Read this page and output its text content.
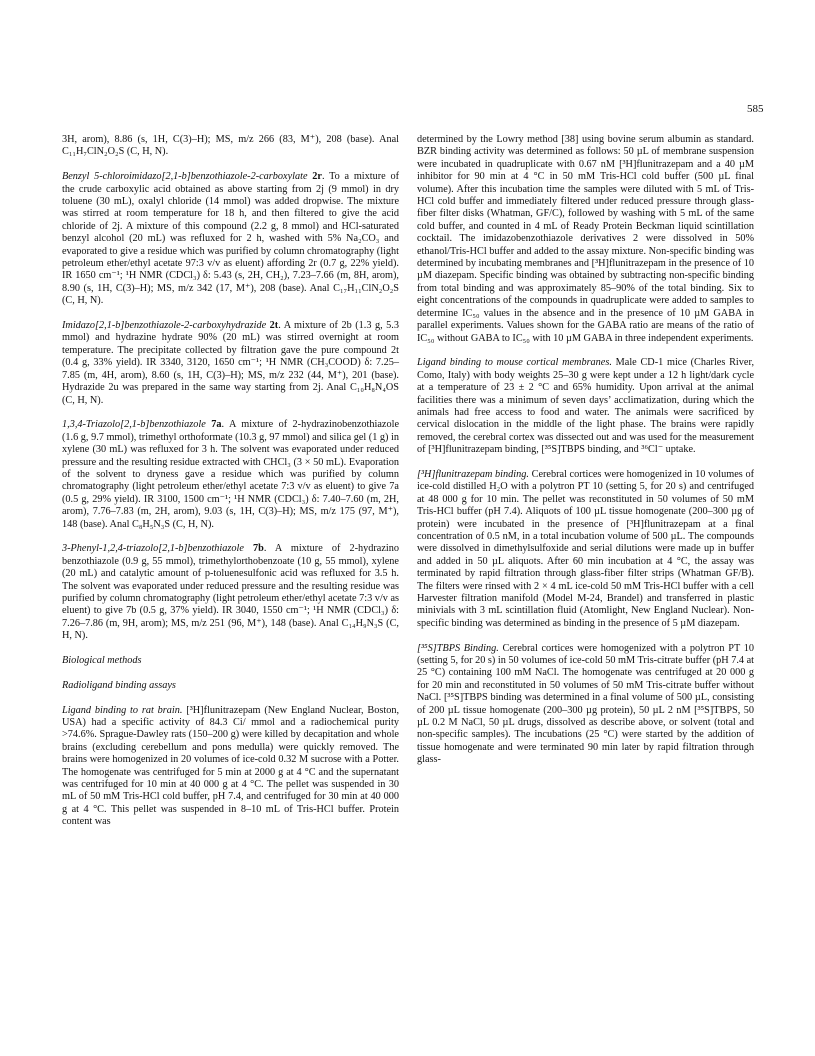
585

3H, arom), 8.86 (s, 1H, C(3)–H); MS, m/z 266 (83, M⁺), 208 (base). Anal C₁₁H₇ClN₂O₂S (C, H, N).

Benzyl 5-chloroimidazo[2,1-b]benzothiazole-2-carboxylate 2r. To a mixture of the crude carboxylic acid obtained as above starting from 2j (9 mmol) in dry toluene (30 mL), oxalyl chloride (14 mmol) was added dropwise. The mixture was stirred at room temperature for 18 h, and then filtered to give the acid chloride of 2j. A mixture of this compound (2.2 g, 8 mmol) and HCl-saturated benzyl alcohol (20 mL) was refluxed for 2 h, washed with 5% Na₂CO₃ and evaporated to give a residue which was purified by column chromatography (light petroleum ether/ethyl acetate 97:3 v/v as eluent) affording 2r (0.7 g, 22% yield). IR 1650 cm⁻¹; ¹H NMR (CDCl₃) δ: 5.43 (s, 2H, CH₂), 7.23–7.66 (m, 8H, arom), 8.90 (s, 1H, C(3)–H); MS, m/z 342 (17, M⁺), 208 (base). Anal C₁₇H₁₁ClN₂O₂S (C, H, N).

Imidazo[2,1-b]benzothiazole-2-carboxyhydrazide 2t. A mixture of 2b (1.3 g, 5.3 mmol) and hydrazine hydrate 90% (20 mL) was stirred overnight at room temperature. The precipitate collected by filtration gave the pure compound 2t (0.4 g, 33% yield). IR 3340, 3120, 1650 cm⁻¹; ¹H NMR (CH₃COOD) δ: 7.25–7.85 (m, 4H, arom), 8.60 (s, 1H, C(3)–H); MS, m/z 232 (44, M⁺), 201 (base). Hydrazide 2u was prepared in the same way starting from 2j. Anal C₁₀H₈N₄OS (C, H, N).

1,3,4-Triazolo[2,1-b]benzothiazole 7a. A mixture of 2-hydrazinobenzothiazole (1.6 g, 9.7 mmol), trimethyl orthoformate (10.3 g, 97 mmol) and silica gel (1 g) in xylene (30 mL) was refluxed for 3 h. The solvent was evaporated under reduced pressure and the resulting residue extracted with CHCl₃ (3 × 50 mL). Evaporation of the solvent to dryness gave a residue which was purified by column chromatography (light petroleum ether/ethyl acetate 7:3 v/v as eluent) to give 7a (0.5 g, 29% yield). IR 3100, 1500 cm⁻¹; ¹H NMR (CDCl₃) δ: 7.40–7.60 (m, 2H, arom), 7.76–7.83 (m, 2H, arom), 9.03 (s, 1H, C(3)–H); MS, m/z 175 (97, M⁺), 148 (base). Anal C₈H₅N₃S (C, H, N).

3-Phenyl-1,2,4-triazolo[2,1-b]benzothiazole 7b. A mixture of 2-hydrazino benzothiazole (0.9 g, 55 mmol), trimethylorthobenzoate (10 g, 55 mmol), xylene (20 mL) and catalytic amount of p-toluenesulfonic acid was refluxed for 3.5 h. The solvent was evaporated under reduced pressure and the resulting residue was purified by column chromatography (light petroleum ether/ethyl acetate 7:3 v/v as eluent) to give 7b (0.5 g, 37% yield). IR 3040, 1550 cm⁻¹; ¹H NMR (CDCl₃) δ: 7.26–7.86 (m, 9H, arom); MS, m/z 251 (96, M⁺), 148 (base). Anal C₁₄H₉N₃S (C, H, N).

Biological methods

Radioligand binding assays

Ligand binding to rat brain. [³H]flunitrazepam (New England Nuclear, Boston, USA) had a specific activity of 84.3 Ci/ mmol and a radiochemical purity >74.6%. Sprague-Dawley rats (150–200 g) were killed by decapitation and whole brains (excluding cerebellum and pons medulla) were quickly removed. The brains were homogenized in 20 volumes of ice-cold 0.32 M sucrose with a Potter. The homogenate was centrifuged for 5 min at 2000 g at 4 °C and the supernatant was centrifuged for 10 min at 40 000 g at 4 °C. The pellet was suspended in 30 mL of 50 mM Tris-HCl cold buffer, pH 7.4, and centrifuged for 30 min at 40 000 g at 4 °C. This pellet was suspended in 8–10 mL of Tris-HCl buffer. Protein content was

determined by the Lowry method [38] using bovine serum albumin as standard. BZR binding activity was determined as follows: 50 µL of membrane suspension were incubated in quadruplicate with 0.67 nM [³H]flunitrazepam and a 40 µM inhibitor for 90 min at 4 °C in 50 mM Tris-HCl cold buffer (500 µL final volume). After this incubation time the samples were diluted with 5 mL of Tris-HCl cold buffer and immediately filtered under reduced pressure through glass-fiber filter disks (Whatman, GF/C), followed by washing with 5 mL of the same cold buffer, and counted in 4 mL of Ready Protein Beckman liquid scintillation cocktail. The imidazobenzothiazole derivatives 2 were dissolved in 50% ethanol/Tris-HCl buffer and added to the assay mixture. Non-specific binding was determined by incubating membranes and [³H]flunitrazepam in the presence of 10 µM diazepam. Specific binding was obtained by subtracting non-specific binding from total binding and was approximately 85–90% of the total binding. Six to eight concentrations of the compounds in quadruplicate were added to samples to determine IC₅₀ values in the absence and in the presence of 10 µM GABA in parallel experiments. Values shown for the GABA ratio are means of the ratio of IC₅₀ without GABA to IC₅₀ with 10 µM GABA in three independent experiments.

Ligand binding to mouse cortical membranes. Male CD-1 mice (Charles River, Como, Italy) with body weights 25–30 g were kept under a 12 h light/dark cycle at a temperature of 23 ± 2 °C and 65% humidity. Upon arrival at the animal facilities there was a minimum of seven days’ acclimatization, during which the animals had free access to food and water. The animals were sacrificed by cervical dislocation in the middle of the light phase. The brains were rapidly removed, the cerebral cortex was dissected out and was used for the measurement of [³H]flunitrazepam binding, [³⁵S]TBPS binding, and ³⁶Cl⁻ uptake.

[³H]flunitrazepam binding. Cerebral cortices were homogenized in 10 volumes of ice-cold distilled H₂O with a polytron PT 10 (setting 5, for 20 s) and centrifuged at 48 000 g for 10 min. The pellet was reconstituted in 50 volumes of 50 mM Tris-HCl buffer (pH 7.4). Aliquots of 100 µL tissue homogenate (200–300 µg of protein) were incubated in the presence of [³H]flunitrazepam at a final concentration of 0.5 nM, in a total incubation volume of 500 µL. The compounds were dissolved in dimethylsulfoxide and serial dilutions were made up in buffer and added in 50 µL aliquots. After 60 min incubation at 4 °C, the assay was terminated by rapid filtration through glass-fiber filter strips (Whatman GF/B). The filters were rinsed with 2 × 4 mL ice-cold 50 mM Tris-HCl buffer with a cell Harvester filtration manifold (Model M-24, Brandel) and transferred in plastic minivials with 3 mL scintillation fluid (Atomlight, New England Nuclear). Non-specific binding was determined as binding in the presence of 5 µM diazepam.

[³⁵S]TBPS Binding. Cerebral cortices were homogenized with a polytron PT 10 (setting 5, for 20 s) in 50 volumes of ice-cold 50 mM Tris-citrate buffer (pH 7.4 at 25 °C) containing 100 mM NaCl. The homogenate was centrifuged at 20 000 g for 20 min and reconstituted in 50 volumes of 50 mM Tris-citrate buffer without NaCl. [³⁵S]TBPS binding was determined in a final volume of 500 µL, consisting of 200 µL tissue homogenate (200–300 µg protein), 50 µL 2 nM [³⁵S]TBPS, 50 µL 0.2 M NaCl, 50 µL drugs, dissolved as describe above, or solvent (total and non-specific samples). The incubations (25 °C) were started by the addition of tissue homogenate and were terminated 90 min later by rapid filtration through glass-
